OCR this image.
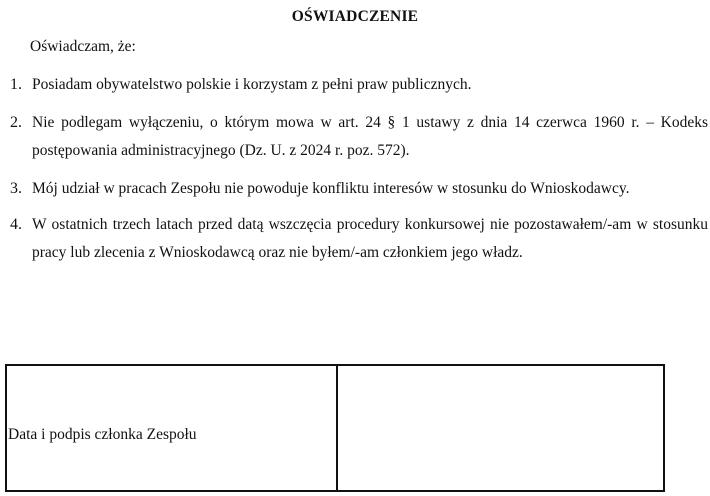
OŚWIADCZENIE
Oświadczam, że:
1. Posiadam obywatelstwo polskie i korzystam z pełni praw publicznych.
2. Nie podlegam wyłączeniu, o którym mowa w art. 24 § 1 ustawy z dnia 14 czerwca 1960 r. – Kodeks postępowania administracyjnego (Dz. U. z 2024 r. poz. 572).
3. Mój udział w pracach Zespołu nie powoduje konfliktu interesów w stosunku do Wnioskodawcy.
4. W ostatnich trzech latach przed datą wszczęcia procedury konkursowej nie pozostawałem/-am w stosunku pracy lub zlecenia z Wnioskodawcą oraz nie byłem/-am członkiem jego władz.
Data i podpis członka Zespołu
